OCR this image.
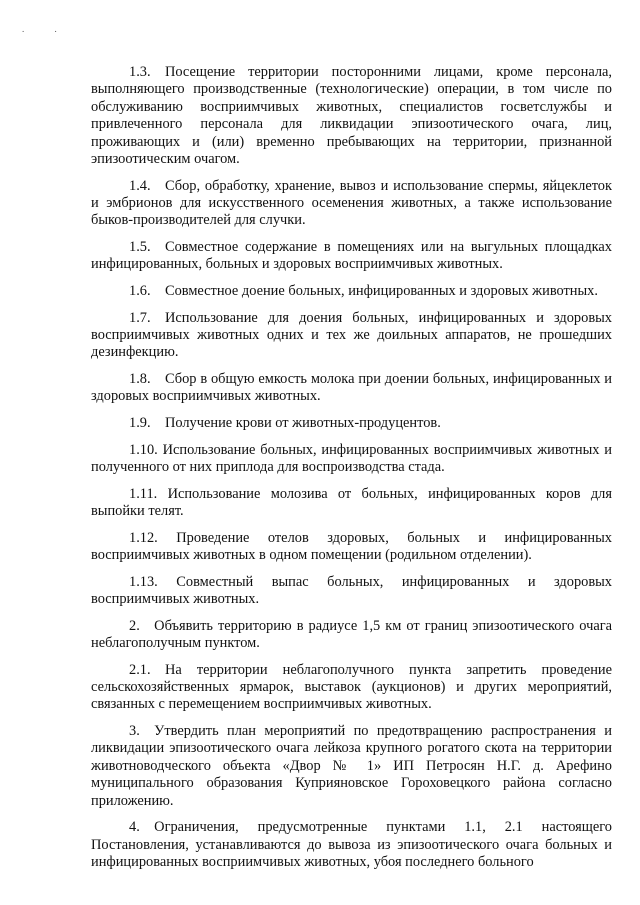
. .

1.3. Посещение территории посторонними лицами, кроме персонала, выполняющего производственные (технологические) операции, в том числе по обслуживанию восприимчивых животных, специалистов госветслужбы и привлеченного персонала для ликвидации эпизоотического очага, лиц, проживающих и (или) временно пребывающих на территории, признанной эпизоотическим очагом.

1.4. Сбор, обработку, хранение, вывоз и использование спермы, яйцеклеток и эмбрионов для искусственного осеменения животных, а также использование быков-производителей для случки.

1.5. Совместное содержание в помещениях или на выгульных площадках инфицированных, больных и здоровых восприимчивых животных.

1.6. Совместное доение больных, инфицированных и здоровых животных.

1.7. Использование для доения больных, инфицированных и здоровых восприимчивых животных одних и тех же доильных аппаратов, не прошедших дезинфекцию.

1.8. Сбор в общую емкость молока при доении больных, инфицированных и здоровых восприимчивых животных.

1.9. Получение крови от животных-продуцентов.

1.10. Использование больных, инфицированных восприимчивых животных и полученного от них приплода для воспроизводства стада.

1.11. Использование молозива от больных, инфицированных коров для выпойки телят.

1.12. Проведение отелов здоровых, больных и инфицированных восприимчивых животных в одном помещении (родильном отделении).

1.13. Совместный выпас больных, инфицированных и здоровых восприимчивых животных.

2. Объявить территорию в радиусе 1,5 км от границ эпизоотического очага неблагополучным пунктом.

2.1. На территории неблагополучного пункта запретить проведение сельскохозяйственных ярмарок, выставок (аукционов) и других мероприятий, связанных с перемещением восприимчивых животных.

3. Утвердить план мероприятий по предотвращению распространения и ликвидации эпизоотического очага лейкоза крупного рогатого скота на территории животноводческого объекта «Двор № 1» ИП Петросян Н.Г. д. Арефино муниципального образования Куприяновское Гороховецкого района согласно приложению.

4. Ограничения, предусмотренные пунктами 1.1, 2.1 настоящего Постановления, устанавливаются до вывоза из эпизоотического очага больных и инфицированных восприимчивых животных, убоя последнего больного
